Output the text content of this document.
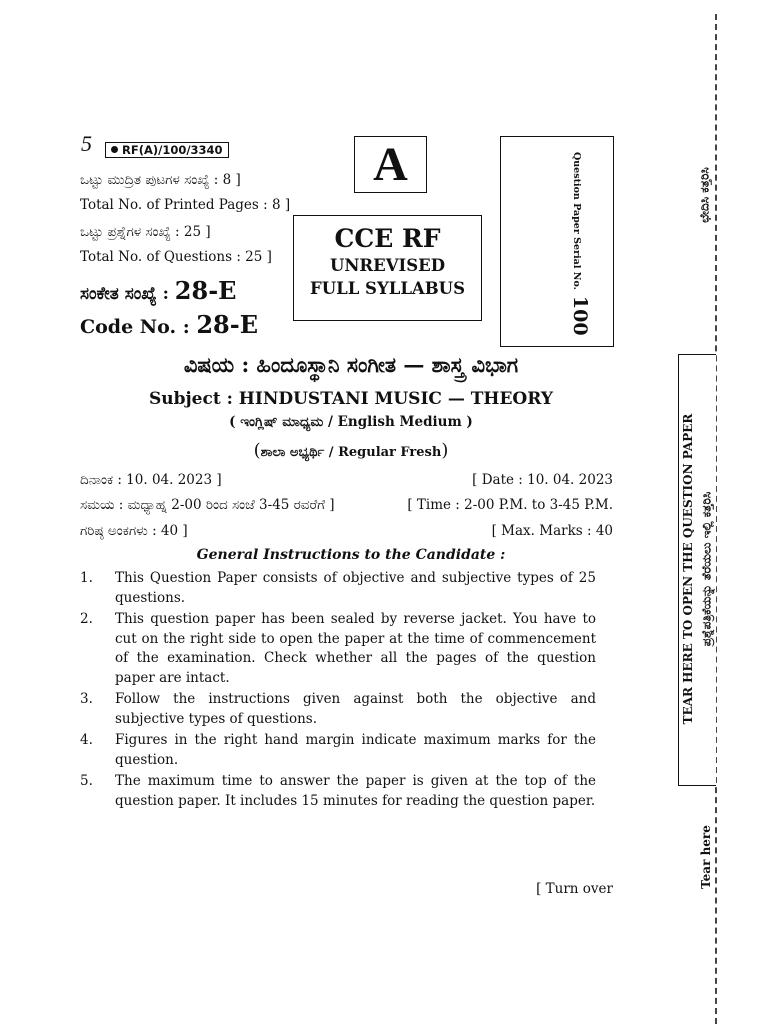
5	RF(A)/100/3340
ಒಟ್ಟು ಮುದ್ರಿತ ಪುಟಗಳ ಸಂಖ್ಯೆ : 8 ]
Total No. of Printed Pages : 8 ]
ಒಟ್ಟು ಪ್ರಶ್ನೆಗಳ ಸಂಖ್ಯೆ : 25 ]
Total No. of Questions : 25 ]
ಸಂಕೇತ ಸಂಖ್ಯೆ : 28-E
Code No. : 28-E
A
CCE RF
UNREVISED
FULL SYLLABUS	Question Paper Serial No.100
ವಿಷಯ : ಹಿಂದೂಸ್ಥಾನಿ ಸಂಗೀತ — ಶಾಸ್ತ್ರ ವಿಭಾಗ
Subject : HINDUSTANI MUSIC — THEORY
( ಇಂಗ್ಲಿಷ್ ಮಾಧ್ಯಮ / English Medium )
(ಶಾಲಾ ಅಭ್ಯರ್ಥಿ / Regular Fresh)
ದಿನಾಂಕ : 10. 04. 2023 ]	[ Date : 10. 04. 2023
ಸಮಯ : ಮಧ್ಯಾಹ್ನ 2-00 ರಿಂದ ಸಂಜೆ 3-45 ರವರೆಗೆ ]	[ Time : 2-00 P.M. to 3-45 P.M.
ಗರಿಷ್ಠ ಅಂಕಗಳು : 40 ]	[ Max. Marks : 40
General Instructions to the Candidate :
1. This Question Paper consists of objective and subjective types of 25 questions.
2. This question paper has been sealed by reverse jacket. You have to cut on the right side to open the paper at the time of commencement of the examination. Check whether all the pages of the question paper are intact.
3. Follow the instructions given against both the objective and subjective types of questions.
4. Figures in the right hand margin indicate maximum marks for the question.
5. The maximum time to answer the paper is given at the top of the question paper. It includes 15 minutes for reading the question paper.
[ Turn over
ಛೇದಿಸಿ ಕತ್ತರಿಸಿ
TEAR HERE TO OPEN THE QUESTION PAPER ಪ್ರಶ್ನೆಪತ್ರಿಕೆಯನ್ನು ತೆರೆಯಲು ಇಲ್ಲಿ ಕತ್ತರಿಸಿ
Tear here
